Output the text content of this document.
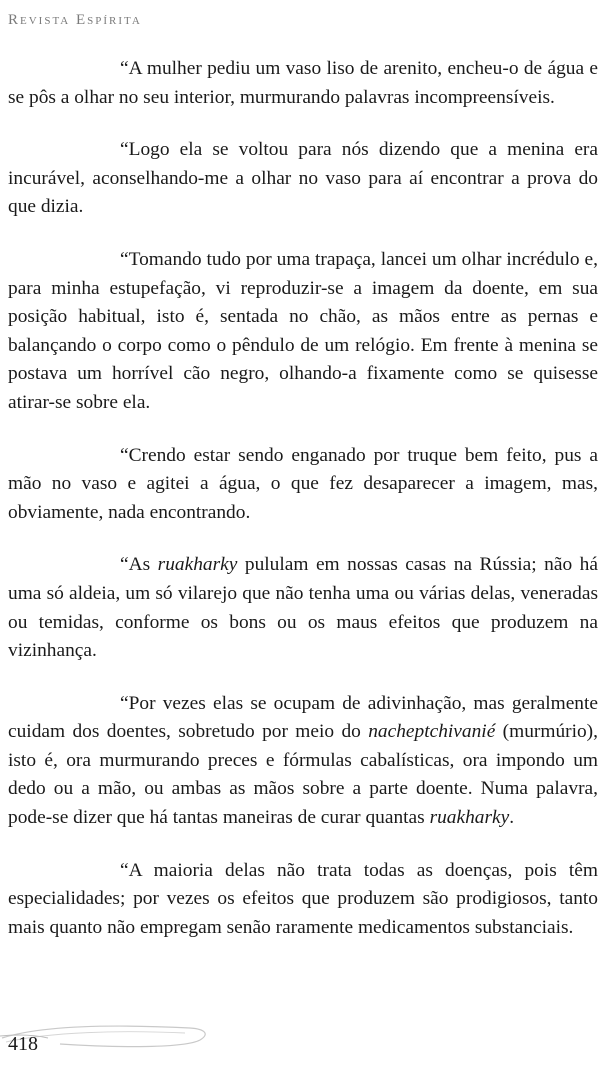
Revista Espírita

“A mulher pediu um vaso liso de arenito, encheu-o de água e se pôs a olhar no seu interior, murmurando palavras incompreensíveis.

“Logo ela se voltou para nós dizendo que a menina era incurável, aconselhando-me a olhar no vaso para aí encontrar a prova do que dizia.

“Tomando tudo por uma trapaça, lancei um olhar incrédulo e, para minha estupefação, vi reproduzir-se a imagem da doente, em sua posição habitual, isto é, sentada no chão, as mãos entre as pernas e balançando o corpo como o pêndulo de um relógio. Em frente à menina se postava um horrível cão negro, olhando-a fixamente como se quisesse atirar-se sobre ela.

“Crendo estar sendo enganado por truque bem feito, pus a mão no vaso e agitei a água, o que fez desaparecer a imagem, mas, obviamente, nada encontrando.

“As ruakharky pululam em nossas casas na Rússia; não há uma só aldeia, um só vilarejo que não tenha uma ou várias delas, veneradas ou temidas, conforme os bons ou os maus efeitos que produzem na vizinhança.

“Por vezes elas se ocupam de adivinhação, mas geralmente cuidam dos doentes, sobretudo por meio do nacheptchivanié (murmúrio), isto é, ora murmurando preces e fórmulas cabalísticas, ora impondo um dedo ou a mão, ou ambas as mãos sobre a parte doente. Numa palavra, pode-se dizer que há tantas maneiras de curar quantas ruakharky.

“A maioria delas não trata todas as doenças, pois têm especialidades; por vezes os efeitos que produzem são prodigiosos, tanto mais quanto não empregam senão raramente medicamentos substanciais.

418
